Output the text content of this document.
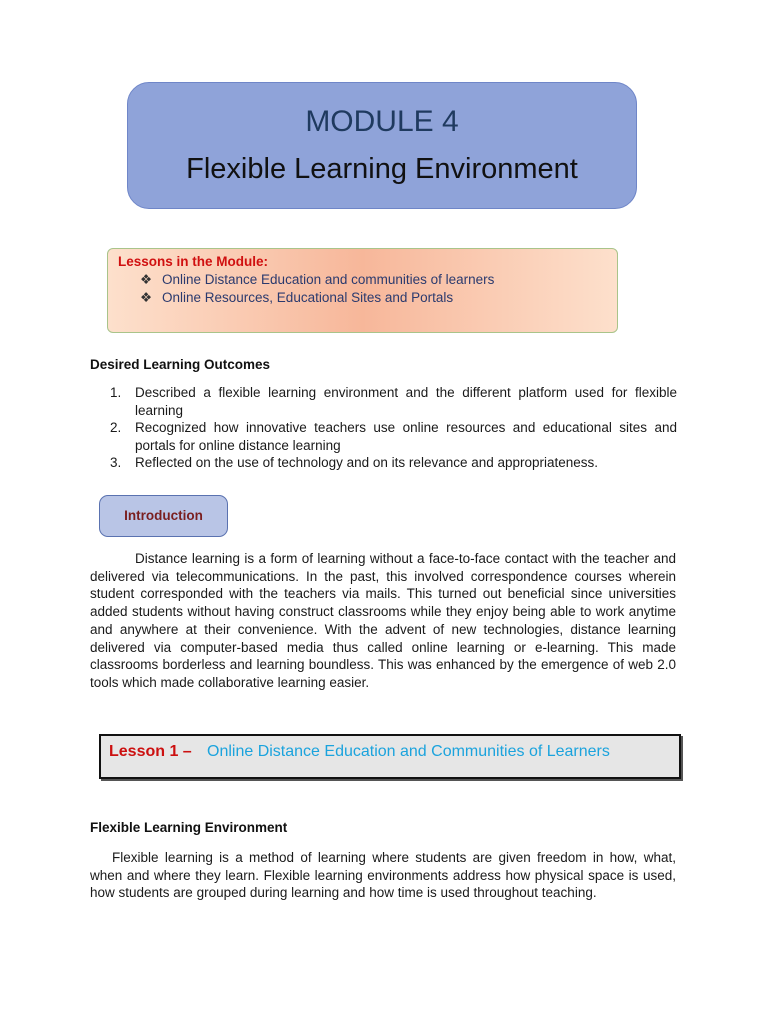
MODULE 4
Flexible Learning Environment
Lessons in the Module:
❖ Online Distance Education and communities of learners
❖ Online Resources, Educational Sites and Portals
Desired Learning Outcomes
1. Described a flexible learning environment and the different platform used for flexible learning
2. Recognized how innovative teachers use online resources and educational sites and portals for online distance learning
3. Reflected on the use of technology and on its relevance and appropriateness.
Introduction

Distance learning is a form of learning without a face-to-face contact with the teacher and delivered via telecommunications. In the past, this involved correspondence courses wherein student corresponded with the teachers via mails. This turned out beneficial since universities added students without having construct classrooms while they enjoy being able to work anytime and anywhere at their convenience. With the advent of new technologies, distance learning delivered via computer-based media thus called online learning or e-learning. This made classrooms borderless and learning boundless. This was enhanced by the emergence of web 2.0 tools which made collaborative learning easier.

Lesson 1 – Online Distance Education and Communities of Learners
Flexible Learning Environment

Flexible learning is a method of learning where students are given freedom in how, what, when and where they learn. Flexible learning environments address how physical space is used, how students are grouped during learning and how time is used throughout teaching.
